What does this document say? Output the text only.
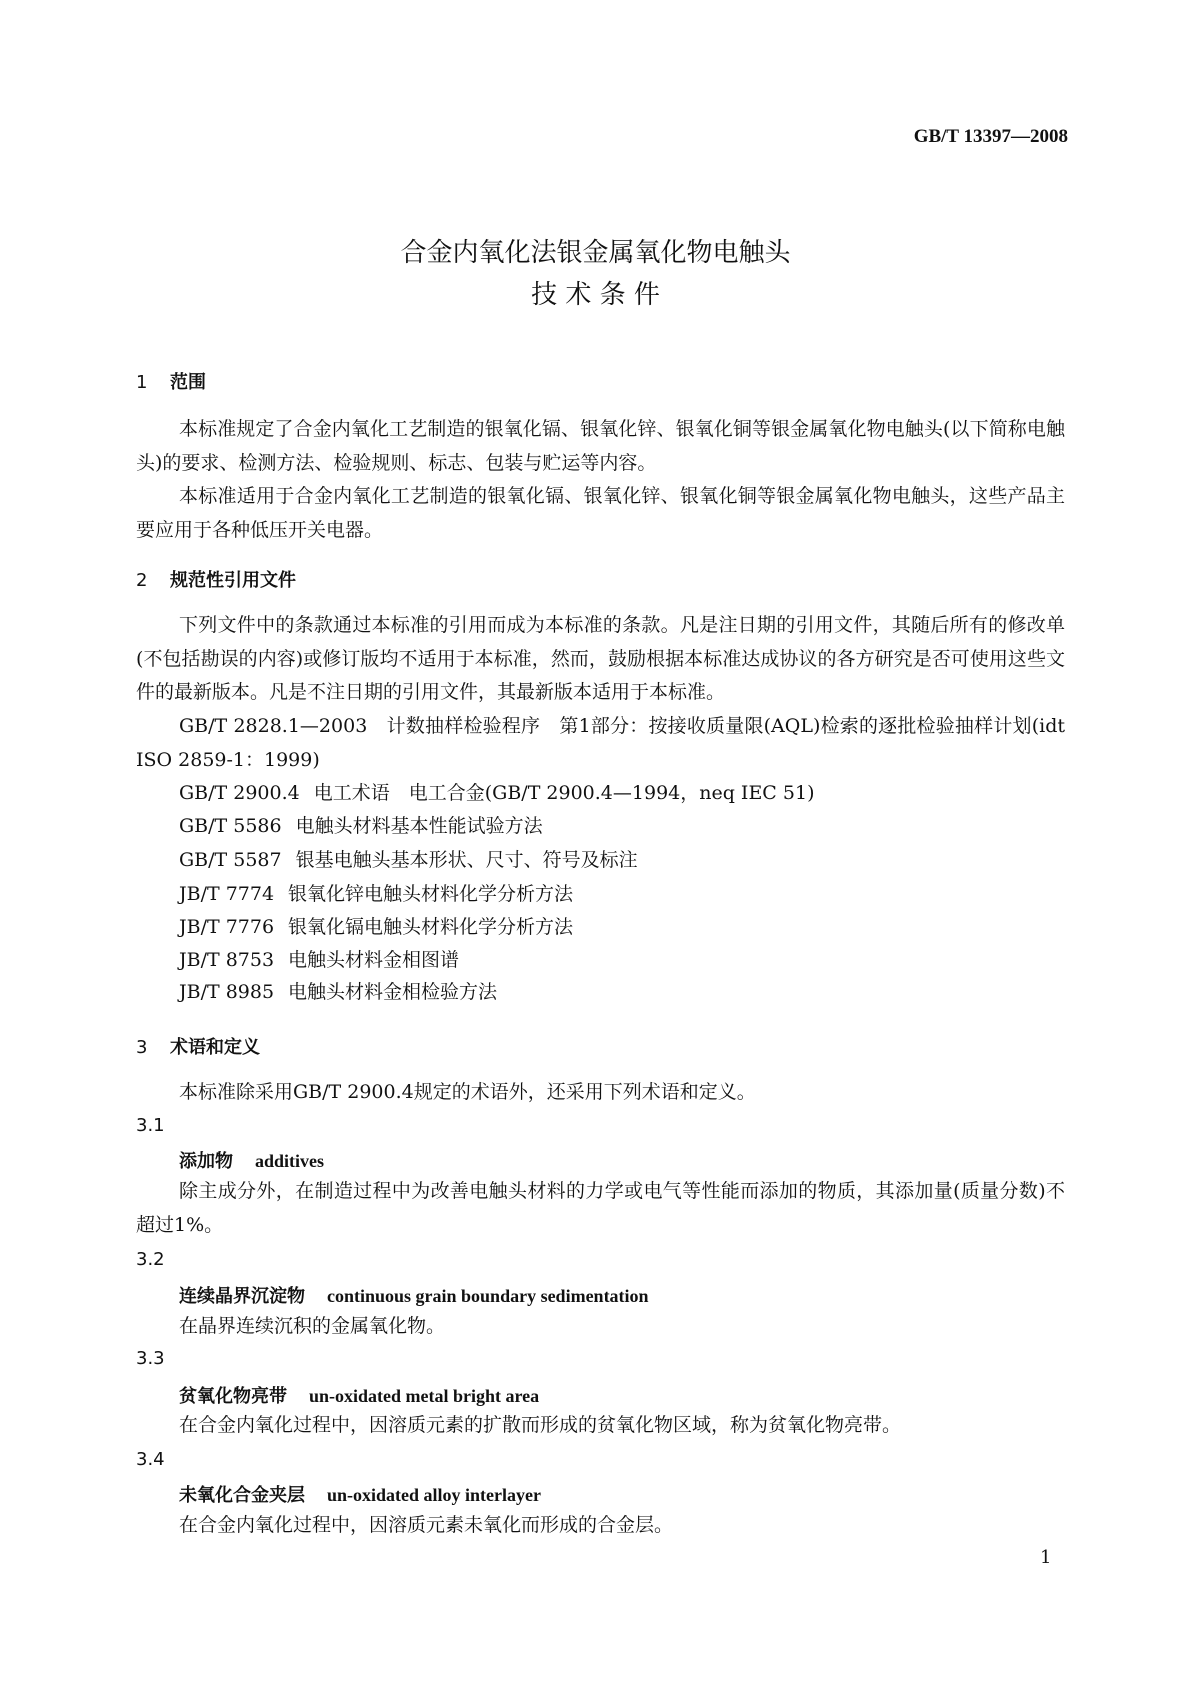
GB/T 13397—2008
合金内氧化法银金属氧化物电触头
技 术 条 件
1 范围
本标准规定了合金内氧化工艺制造的银氧化镉、银氧化锌、银氧化铜等银金属氧化物电触头(以下简称电触头)的要求、检测方法、检验规则、标志、包装与贮运等内容。
本标准适用于合金内氧化工艺制造的银氧化镉、银氧化锌、银氧化铜等银金属氧化物电触头，这些产品主要应用于各种低压开关电器。
2 规范性引用文件
下列文件中的条款通过本标准的引用而成为本标准的条款。凡是注日期的引用文件，其随后所有的修改单(不包括勘误的内容)或修订版均不适用于本标准，然而，鼓励根据本标准达成协议的各方研究是否可使用这些文件的最新版本。凡是不注日期的引用文件，其最新版本适用于本标准。
GB/T 2828.1—2003　计数抽样检验程序　第1部分：按接收质量限(AQL)检索的逐批检验抽样计划(idt ISO 2859-1：1999)
GB/T 2900.4 电工术语　电工合金(GB/T 2900.4—1994，neq IEC 51)
GB/T 5586 电触头材料基本性能试验方法
GB/T 5587 银基电触头基本形状、尺寸、符号及标注
JB/T 7774 银氧化锌电触头材料化学分析方法
JB/T 7776 银氧化镉电触头材料化学分析方法
JB/T 8753 电触头材料金相图谱
JB/T 8985 电触头材料金相检验方法
3 术语和定义
本标准除采用GB/T 2900.4规定的术语外，还采用下列术语和定义。
3.1
添加物 additives
除主成分外，在制造过程中为改善电触头材料的力学或电气等性能而添加的物质，其添加量(质量分数)不超过1%。
3.2
连续晶界沉淀物 continuous grain boundary sedimentation
在晶界连续沉积的金属氧化物。
3.3
贫氧化物亮带 un-oxidated metal bright area
在合金内氧化过程中，因溶质元素的扩散而形成的贫氧化物区域，称为贫氧化物亮带。
3.4
未氧化合金夹层 un-oxidated alloy interlayer
在合金内氧化过程中，因溶质元素未氧化而形成的合金层。
1
